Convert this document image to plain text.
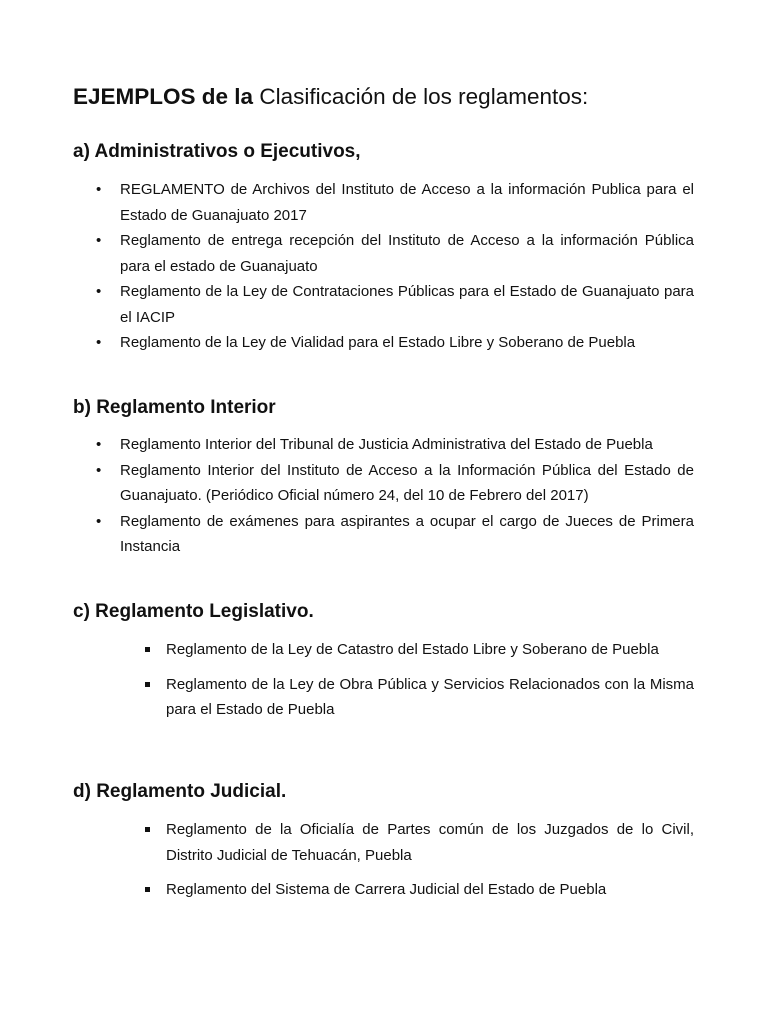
EJEMPLOS de la Clasificación de los reglamentos:
a) Administrativos o Ejecutivos,
• REGLAMENTO de Archivos del Instituto de Acceso a la información Publica para el Estado de Guanajuato 2017
• Reglamento de entrega recepción del Instituto de Acceso a la información Pública para el estado de Guanajuato
• Reglamento de la Ley de Contrataciones Públicas para el Estado de Guanajuato para el IACIP
• Reglamento de la Ley de Vialidad para el Estado Libre y Soberano de Puebla
b) Reglamento Interior
• Reglamento Interior del Tribunal de Justicia Administrativa del Estado de Puebla
• Reglamento Interior del Instituto de Acceso a la Información Pública del Estado de Guanajuato. (Periódico Oficial número 24, del 10 de Febrero del 2017)
• Reglamento de exámenes para aspirantes a ocupar el cargo de Jueces de Primera Instancia
c) Reglamento Legislativo.
Reglamento de la Ley de Catastro del Estado Libre y Soberano de Puebla
Reglamento de la Ley de Obra Pública y Servicios Relacionados con la Misma para el Estado de Puebla
d) Reglamento Judicial.
Reglamento de la Oficialía de Partes común de los Juzgados de lo Civil, Distrito Judicial de Tehuacán, Puebla
Reglamento del Sistema de Carrera Judicial del Estado de Puebla
